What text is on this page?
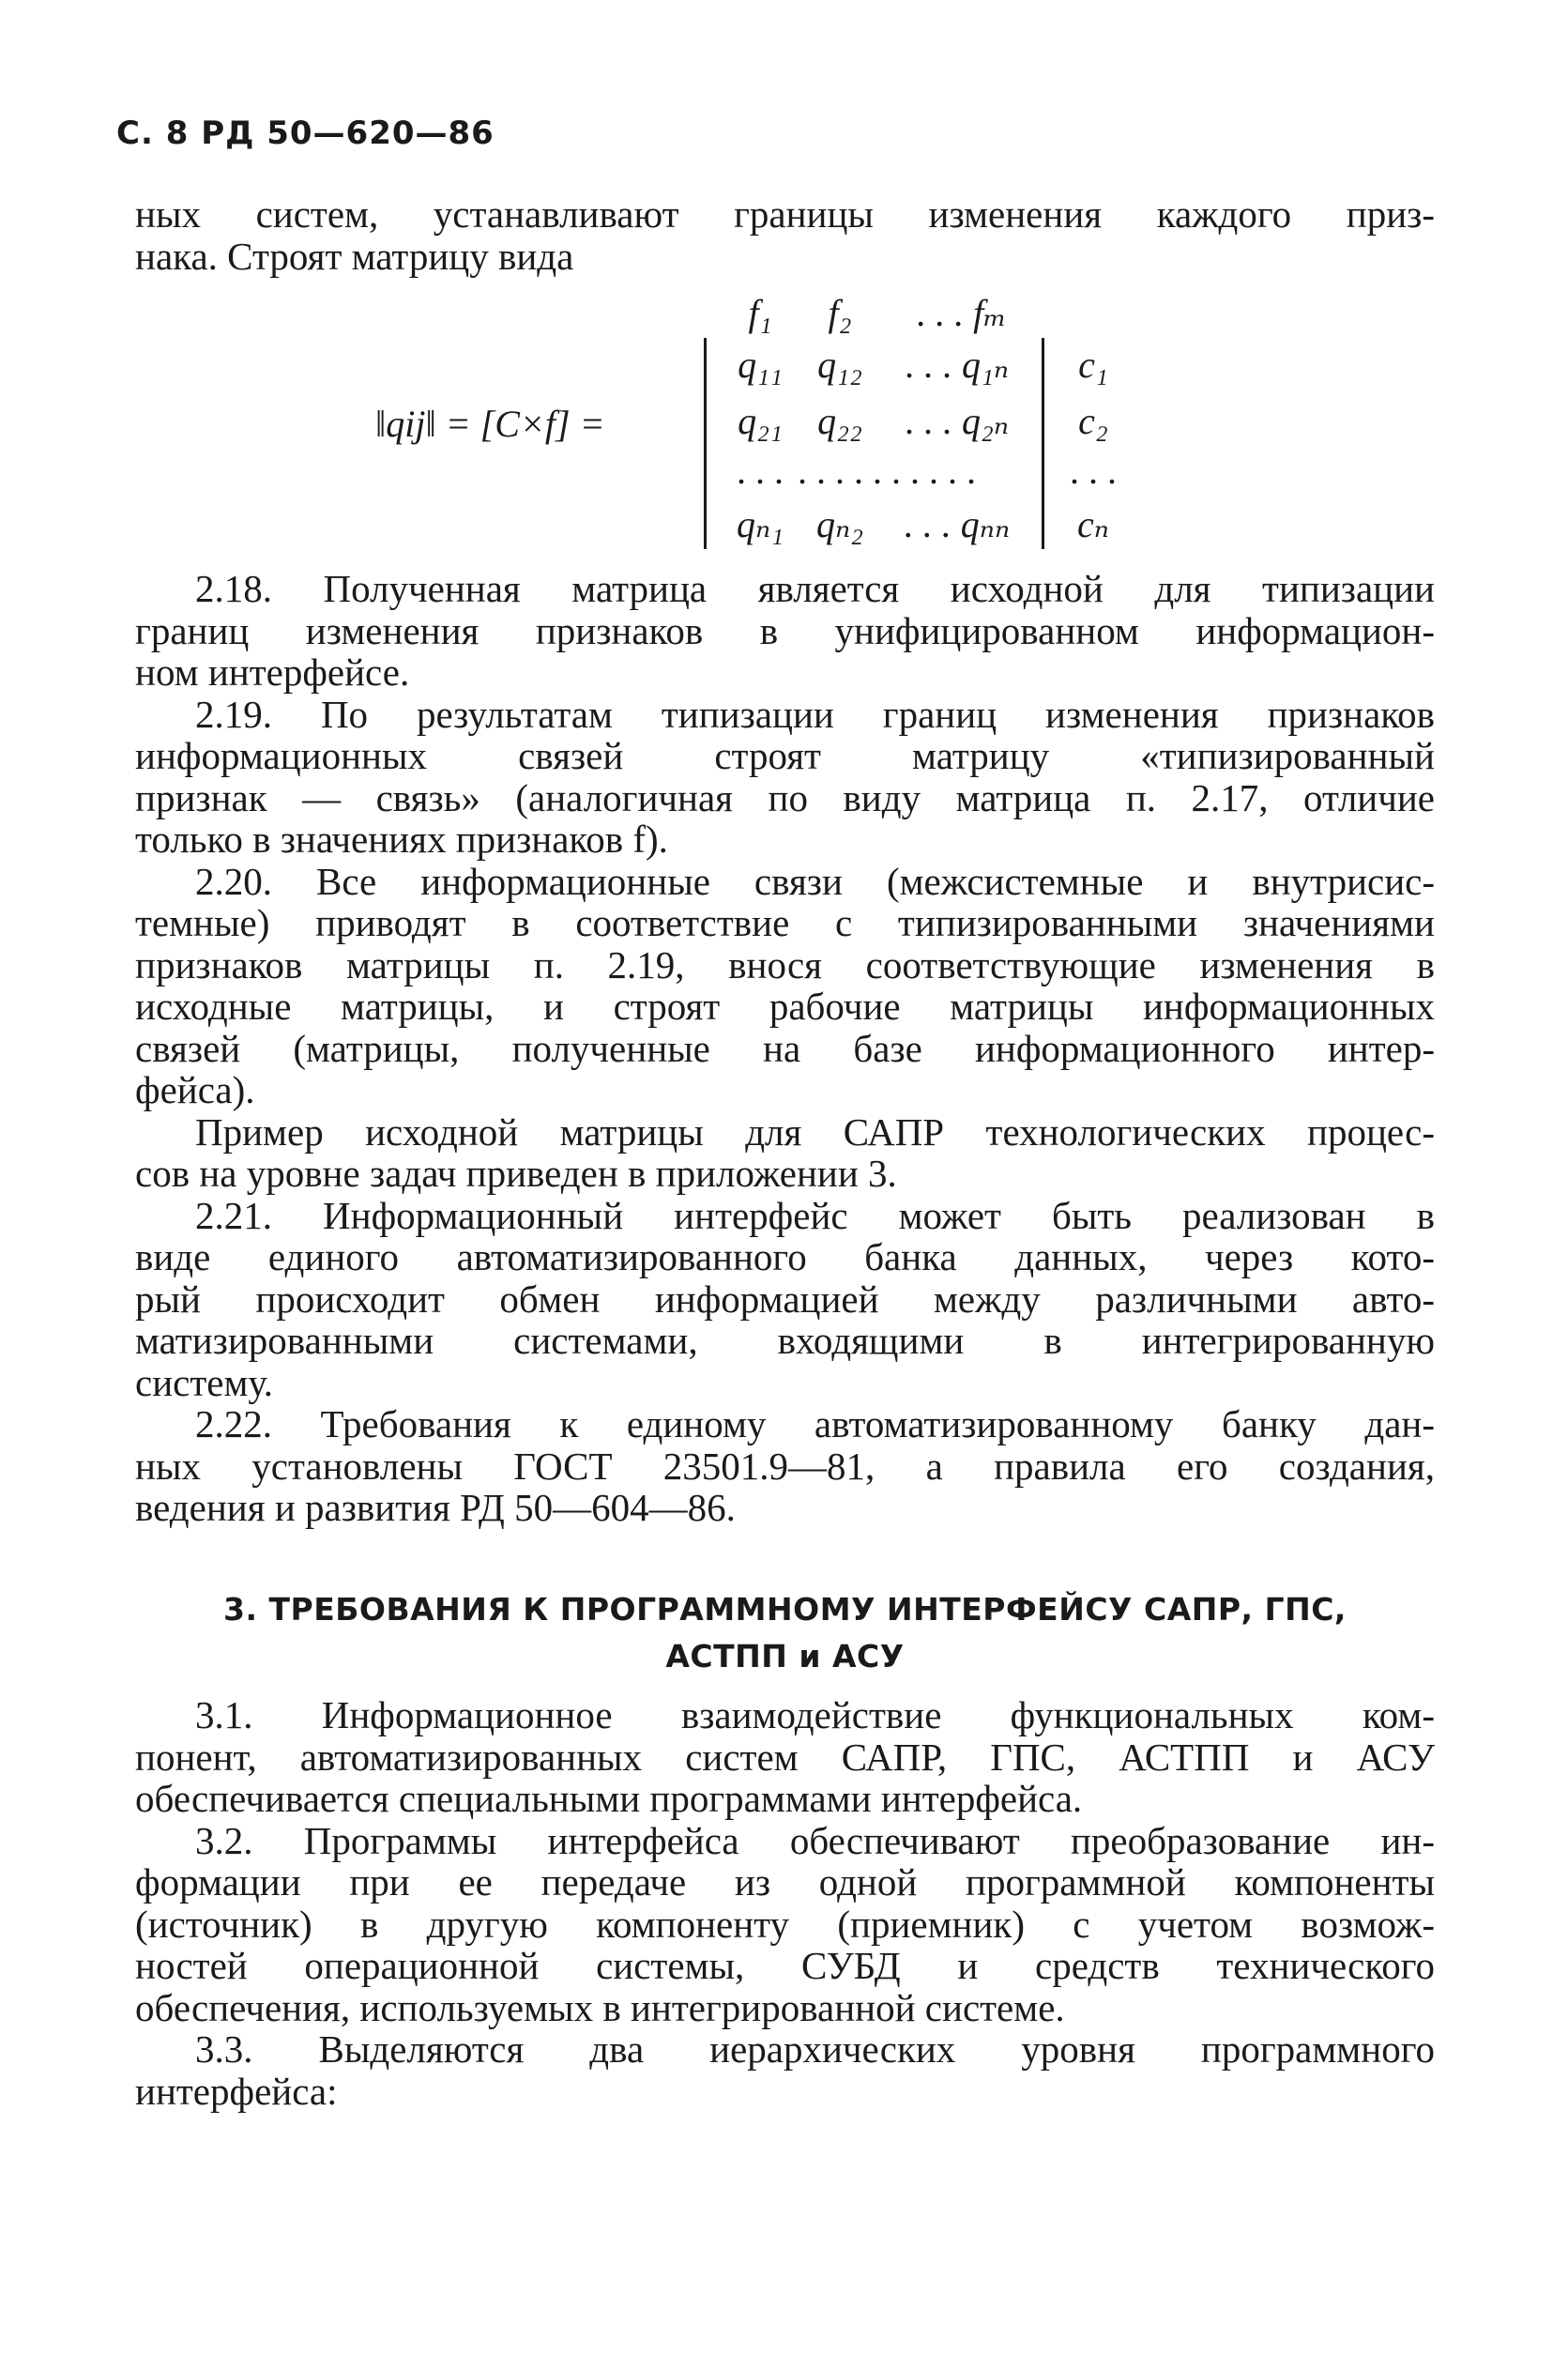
С. 8 РД 50—620—86
ных систем, устанавливают границы изменения каждого приз-
нака. Строят матрицу вида
‖qij‖ = [C×f] =
f₁	f₂	. . . fₘ
q₁₁ q₁₂	. . . q₁ₙ	c₁
q₂₁ q₂₂	. . . q₂ₙ	c₂
. . . . . . . . . . . . .	. . .
qₙ₁ qₙ₂	. . . qₙₙ	cₙ
2.18. Полученная матрица является исходной для типизации
границ изменения признаков в унифицированном информацион-
ном интерфейсе.
2.19. По результатам типизации границ изменения признаков
информационных связей строят матрицу «типизированный
признак — связь» (аналогичная по виду матрица п. 2.17, отличие
только в значениях признаков f).
2.20. Все информационные связи (межсистемные и внутрисис-
темные) приводят в соответствие с типизированными значениями
признаков матрицы п. 2.19, внося соответствующие изменения в
исходные матрицы, и строят рабочие матрицы информационных
связей (матрицы, полученные на базе информационного интер-
фейса).
Пример исходной матрицы для САПР технологических процес-
сов на уровне задач приведен в приложении 3.
2.21. Информационный интерфейс может быть реализован в
виде единого автоматизированного банка данных, через кото-
рый происходит обмен информацией между различными авто-
матизированными системами, входящими в интегрированную
систему.
2.22. Требования к единому автоматизированному банку дан-
ных установлены ГОСТ 23501.9—81, а правила его создания,
ведения и развития РД 50—604—86.
3. ТРЕБОВАНИЯ К ПРОГРАММНОМУ ИНТЕРФЕЙСУ САПР, ГПС,
АСТПП и АСУ
3.1. Информационное взаимодействие функциональных ком-
понент, автоматизированных систем САПР, ГПС, АСТПП и АСУ
обеспечивается специальными программами интерфейса.
3.2. Программы интерфейса обеспечивают преобразование ин-
формации при ее передаче из одной программной компоненты
(источник) в другую компоненту (приемник) с учетом возмож-
ностей операционной системы, СУБД и средств технического
обеспечения, используемых в интегрированной системе.
3.3. Выделяются два иерархических уровня программного
интерфейса:
